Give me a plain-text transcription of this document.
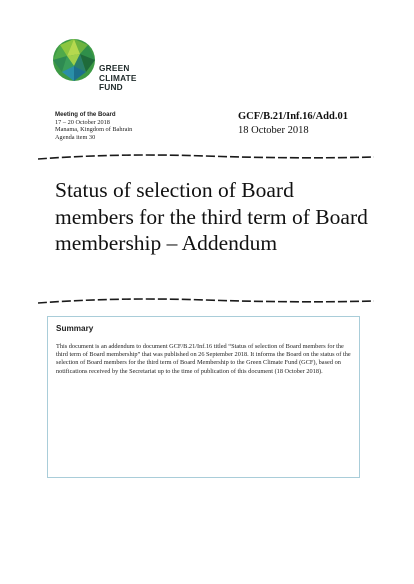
GREEN
CLIMATE
FUND
Meeting of the Board
17 – 20 October 2018
Manama, Kingdom of Bahrain
Agenda item 30
GCF/B.21/Inf.16/Add.01
18 October 2018
Status of selection of Board members for the third term of Board membership – Addendum
Summary

This document is an addendum to document GCF/B.21/Inf.16 titled “Status of selection of Board members for the third term of Board membership” that was published on 26 September 2018. It informs the Board on the status of the selection of Board members for the third term of Board Membership to the Green Climate Fund (GCF), based on notifications received by the Secretariat up to the time of publication of this document (18 October 2018).
